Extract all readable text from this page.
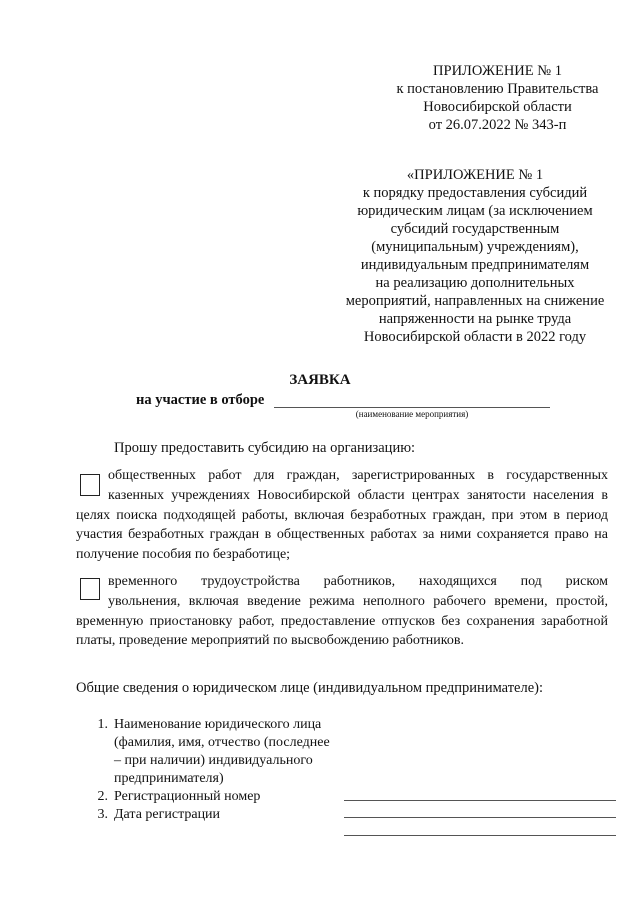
ПРИЛОЖЕНИЕ № 1
к постановлению Правительства
Новосибирской области
от 26.07.2022 № 343-п
«ПРИЛОЖЕНИЕ № 1
к порядку предоставления субсидий
юридическим лицам (за исключением
субсидий государственным
(муниципальным) учреждениям),
индивидуальным предпринимателям
на реализацию дополнительных
мероприятий, направленных на снижение
напряженности на рынке труда
Новосибирской области в 2022 году
ЗАЯВКА
на участие в отборе
(наименование мероприятия)
Прошу предоставить субсидию на организацию:
общественных работ для граждан, зарегистрированных в государственных
казенных учреждениях Новосибирской области центрах занятости населения в целях поиска подходящей работы, включая безработных граждан, при этом в период участия безработных граждан в общественных работах за ними сохраняется право на получение пособия по безработице;
временного трудоустройства работников, находящихся под риском
увольнения, включая введение режима неполного рабочего времени, простой, временную приостановку работ, предоставление отпусков без сохранения заработной платы, проведение мероприятий по высвобождению работников.
Общие сведения о юридическом лице (индивидуальном предпринимателе):
1. Наименование юридического лица (фамилия, имя, отчество (последнее – при наличии) индивидуального предпринимателя)
2. Регистрационный номер
3. Дата регистрации
